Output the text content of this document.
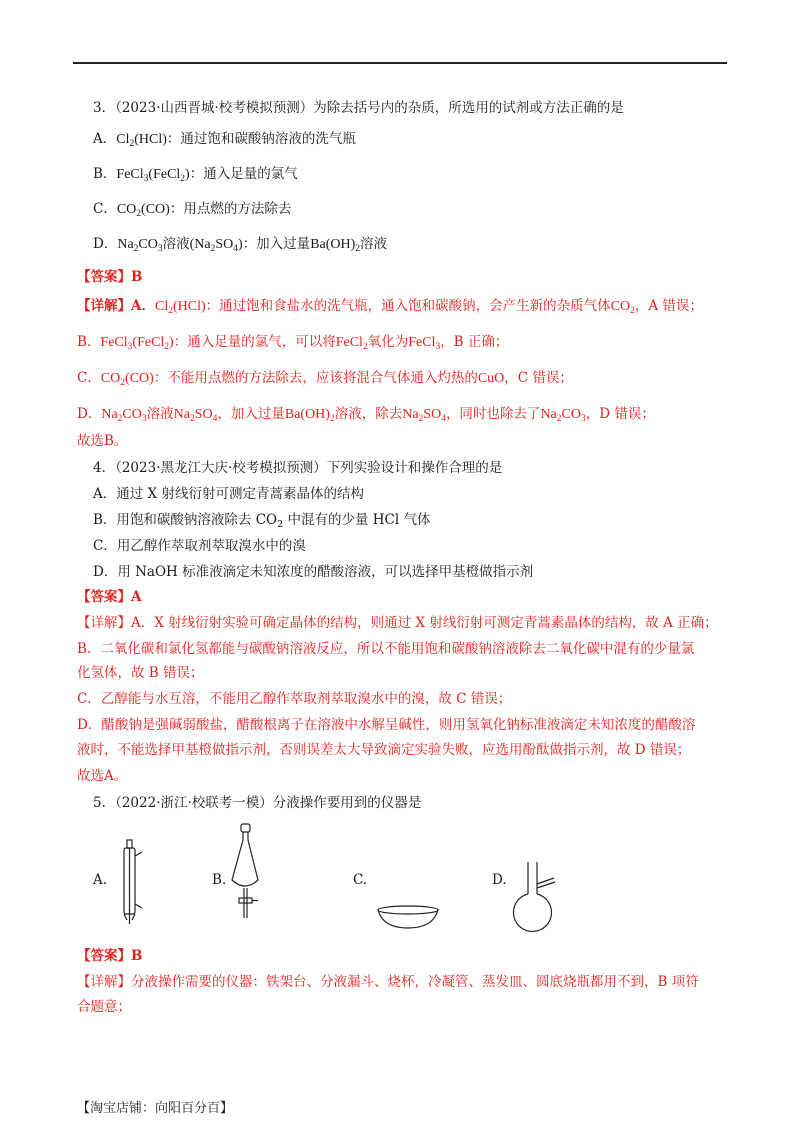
3．（2023·山西晋城·校考模拟预测）为除去括号内的杂质，所选用的试剂或方法正确的是
A．$Cl_2(HCl)$：通过饱和碳酸钠溶液的洗气瓶
B．FeCl$_3$(FeCl$_2$)：通入足量的氯气
C．$CO_2(CO)$：用点燃的方法除去
D．$Na_2CO_3$溶液$(Na_2SO_4)$：加入过量$Ba(OH)_2$溶液
【答案】B
【详解】A．$Cl_2(HCl)$：通过饱和食盐水的洗气瓶，通入饱和碳酸钠，会产生新的杂质气体$CO_2$，A 错误；
B．FeCl$_3$(FeCl$_2$)：通入足量的氯气，可以将FeCl$_2$氧化为FeCl$_3$，B 正确；
C．$CO_2(CO)$：不能用点燃的方法除去，应该将混合气体通入灼热的CuO，C 错误；
D．$Na_2CO_3$溶液$Na_2SO_4$，加入过量$Ba(OH)_2$溶液，除去$Na_2SO_4$，同时也除去了$Na_2CO_3$，D 错误；
故选B。
4．（2023·黑龙江大庆·校考模拟预测）下列实验设计和操作合理的是
A．通过 X 射线衍射可测定青蒿素晶体的结构
B．用饱和碳酸钠溶液除去 $CO_2$ 中混有的少量 HCl 气体
C．用乙醇作萃取剂萃取溴水中的溴
D．用 NaOH 标准液滴定未知浓度的醋酸溶液，可以选择甲基橙做指示剂
【答案】A
【详解】A．X 射线衍射实验可确定晶体的结构，则通过 X 射线衍射可测定青蒿素晶体的结构，故 A 正确；
B．二氧化碳和氯化氢都能与碳酸钠溶液反应，所以不能用饱和碳酸钠溶液除去二氧化碳中混有的少量氯
化氢体，故 B 错误；
C．乙醇能与水互溶，不能用乙醇作萃取剂萃取溴水中的溴，故 C 错误；
D．醋酸钠是强碱弱酸盐，醋酸根离子在溶液中水解呈碱性，则用氢氧化钠标准液滴定未知浓度的醋酸溶
液时，不能选择甲基橙做指示剂，否则误差太大导致滴定实验失败，应选用酚酞做指示剂，故 D 错误；
故选A。
5．（2022·浙江·校联考一模）分液操作要用到的仪器是
A.	B.	C.	D.
【答案】B
【详解】分液操作需要的仪器：铁架台、分液漏斗、烧杯，冷凝管、蒸发皿、圆底烧瓶都用不到，B 项符
合题意；
【淘宝店铺：向阳百分百】
